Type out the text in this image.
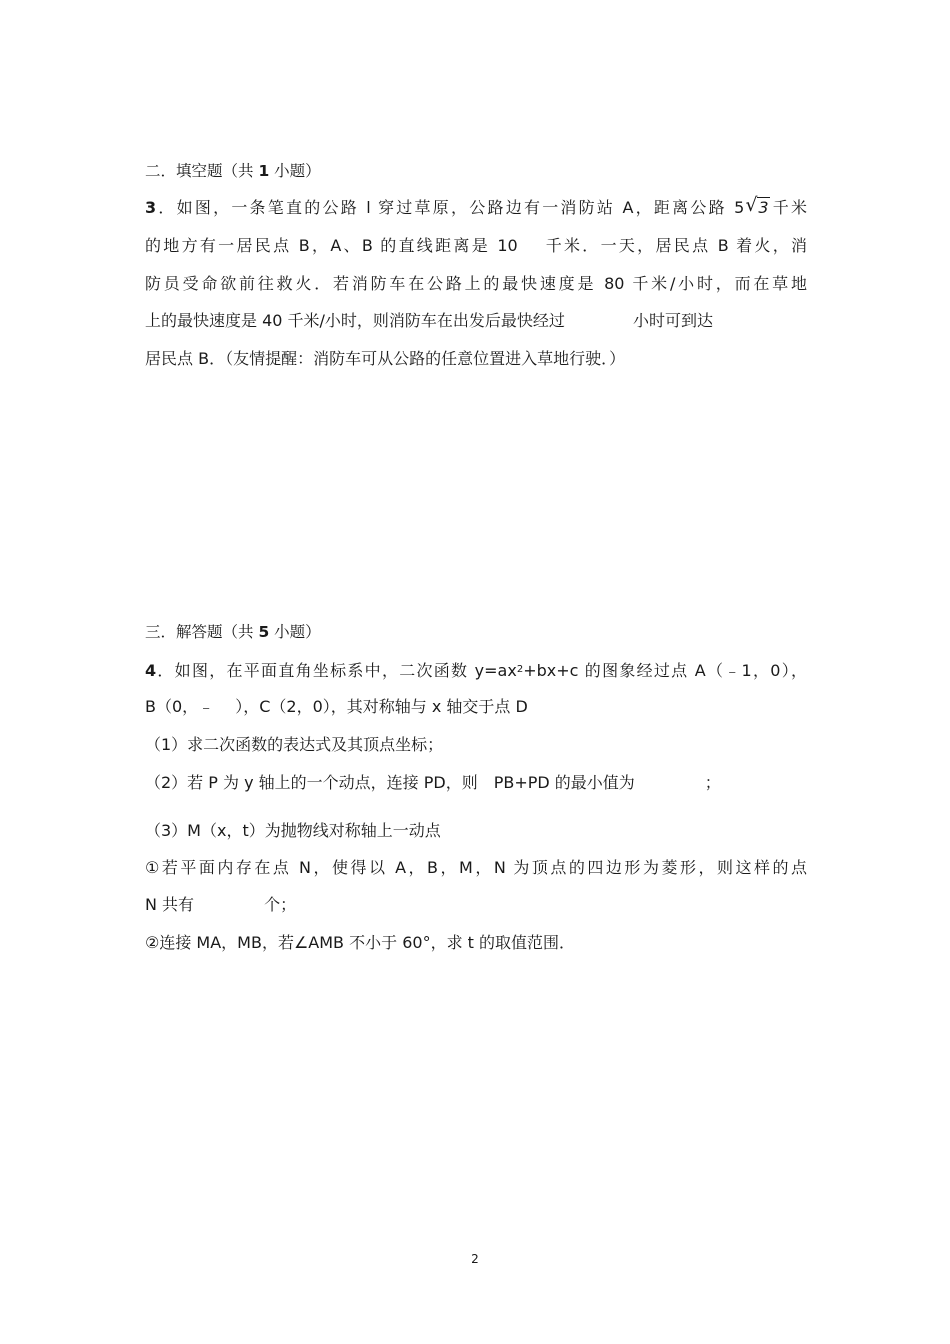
二．填空题（共 1 小题）
3．如图，一条笔直的公路 l 穿过草原，公路边有一消防站 A，距离公路 5 √ 3 千米
的地方有一居民点 B，A、B 的直线距离是 10　 千米．一天，居民点 B 着火，消
防员受命欲前往救火．若消防车在公路上的最快速度是 80 千米/小时，而在草地
上的最快速度是 40 千米/小时，则消防车在出发后最快经过	小时可到达
居民点 B．（友情提醒：消防车可从公路的任意位置进入草地行驶．）
三．解答题（共 5 小题）
4．如图，在平面直角坐标系中，二次函数 $y=ax^2+bx+c$ 的图象经过点 A（﹣1，0），
B（0，﹣　 ），C（2，0），其对称轴与 x 轴交于点 D
（1）求二次函数的表达式及其顶点坐标；
（2）若 P 为 y 轴上的一个动点，连接 PD，则　PB+PD 的最小值为	；
（3）M（x，t）为抛物线对称轴上一动点
①若平面内存在点 N，使得以 A，B，M，N 为顶点的四边形为菱形，则这样的点
N 共有	个；
②连接 MA，MB，若∠AMB 不小于 60°，求 t 的取值范围．
2
